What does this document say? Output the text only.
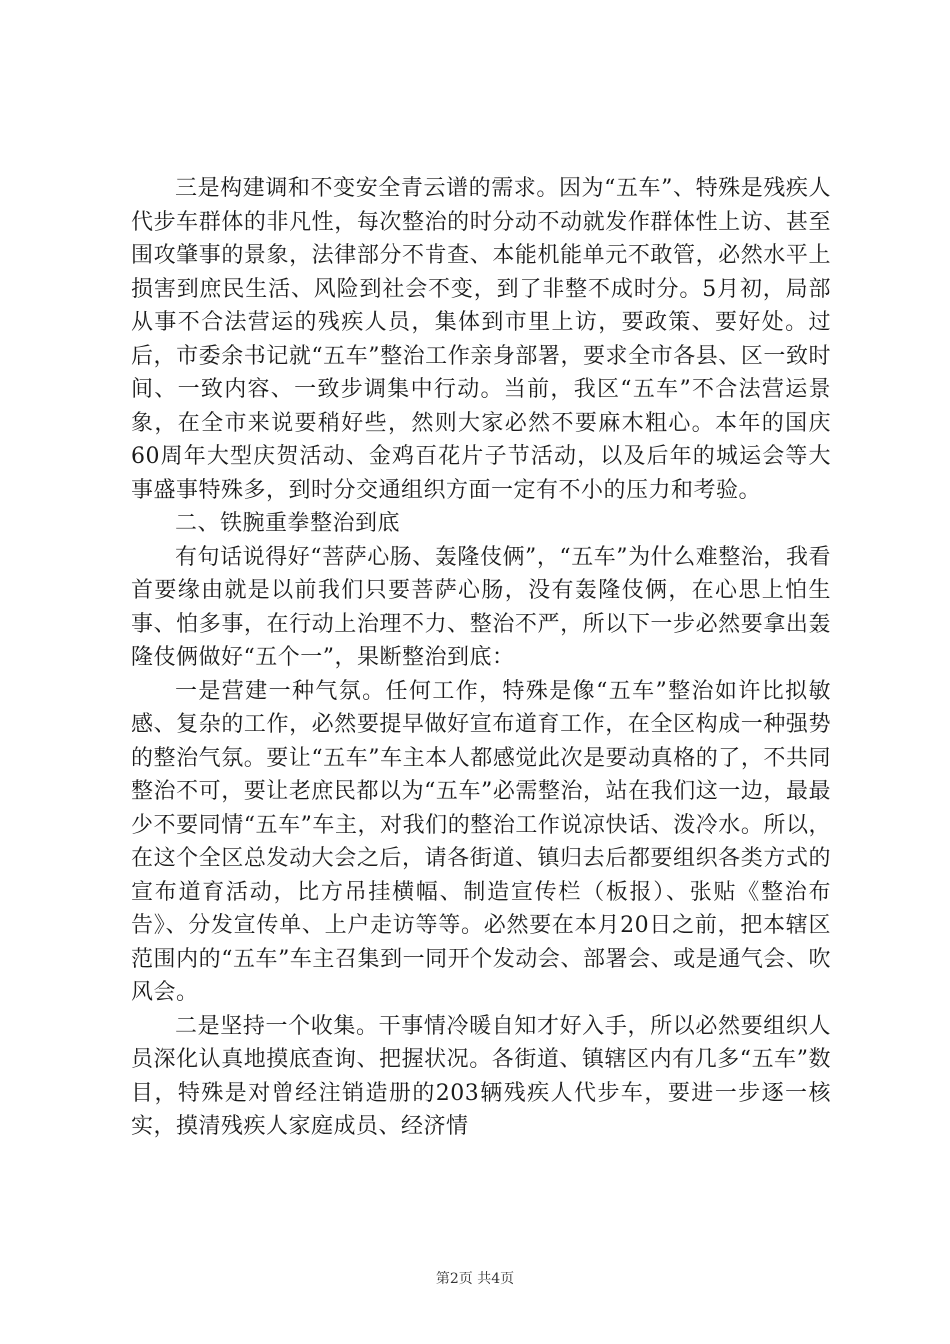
三是构建调和不变安全青云谱的需求。因为“五车”、特殊是残疾人代步车群体的非凡性，每次整治的时分动不动就发作群体性上访、甚至围攻肇事的景象，法律部分不肯查、本能机能单元不敢管，必然水平上损害到庶民生活、风险到社会不变，到了非整不成时分。5月初，局部从事不合法营运的残疾人员，集体到市里上访，要政策、要好处。过后，市委余书记就“五车”整治工作亲身部署，要求全市各县、区一致时间、一致内容、一致步调集中行动。当前，我区“五车”不合法营运景象，在全市来说要稍好些，然则大家必然不要麻木粗心。本年的国庆60周年大型庆贺活动、金鸡百花片子节活动，以及后年的城运会等大事盛事特殊多，到时分交通组织方面一定有不小的压力和考验。

二、铁腕重拳整治到底

有句话说得好“菩萨心肠、轰隆伎俩”，“五车”为什么难整治，我看首要缘由就是以前我们只要菩萨心肠，没有轰隆伎俩，在心思上怕生事、怕多事，在行动上治理不力、整治不严，所以下一步必然要拿出轰隆伎俩做好“五个一”，果断整治到底：

一是营建一种气氛。任何工作，特殊是像“五车”整治如许比拟敏感、复杂的工作，必然要提早做好宣布道育工作，在全区构成一种强势的整治气氛。要让“五车”车主本人都感觉此次是要动真格的了，不共同整治不可，要让老庶民都以为“五车”必需整治，站在我们这一边，最最少不要同情“五车”车主，对我们的整治工作说凉快话、泼冷水。所以，在这个全区总发动大会之后，请各街道、镇归去后都要组织各类方式的宣布道育活动，比方吊挂横幅、制造宣传栏（板报）、张贴《整治布告》、分发宣传单、上户走访等等。必然要在本月20日之前，把本辖区范围内的“五车”车主召集到一同开个发动会、部署会、或是通气会、吹风会。

二是坚持一个收集。干事情冷暖自知才好入手，所以必然要组织人员深化认真地摸底查询、把握状况。各街道、镇辖区内有几多“五车”数目，特殊是对曾经注销造册的203辆残疾人代步车，要进一步逐一核实，摸清残疾人家庭成员、经济情

第2页 共4页
